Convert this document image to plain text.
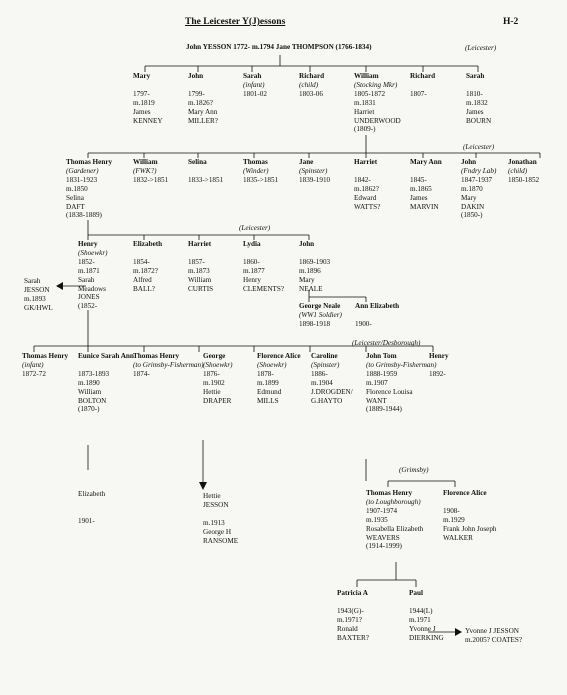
The Leicester Y(J)essons	H-2
John YESSON 1772- m.1794 Jane THOMPSON (1766-1834)	(Leicester)
(Leicester)
(Leicester)
(Leicester/Desborough)
(Grimsby)
Mary

1797-
m.1819
James
KENNEY
John

1799-
m.1826?
Mary Ann
MILLER?
Sarah
(infant)
1801-02
Richard
(child)
1803-06
William
(Stocking Mkr)
1805-1872
m.1831
Harriet
UNDERWOOD
(1809-)
Richard

1807-
Sarah

1810-
m.1832
James
BOURN
Thomas Henry
(Gardener)
1831-1923
m.1850
Selina
DAFT
(1838-1889)
William
(FWK?)
1832->1851
Selina

1833->1851
Thomas
(Winder)
1835->1851
Jane
(Spinster)
1839-1910
Harriet

1842-
m.1862?
Edward
WATTS?
Mary Ann

1845-
m.1865
James
MARVIN
John
(Fndry Lab)
1847-1937
m.1870
Mary
DAKIN
(1850-)
Jonathan
(child)
1850-1852
Henry
(Shoewkr)
1852-
m.1871
Sarah
Meadows
JONES
(1852-
Elizabeth

1854-
m.1872?
Alfred
BALL?
Harriet

1857-
m.1873
William
CURTIS
Lydia

1860-
m.1877
Henry
CLEMENTS?
John

1869-1903
m.1896
Mary
NEALE
Sarah
JESSON
m.1893
GK/HWL	George Neale
(WW1 Soldier)
1898-1918
Ann Elizabeth

1900-
Thomas Henry
(infant)
1872-72
Eunice Sarah Ann

1873-1893
m.1890
William
BOLTON
(1870-)
Thomas Henry
(to Grimsby-Fisherman)
1874-
George
(Shoewkr)
1876-
m.1902
Hettie
DRAPER
Florence Alice
(Shoewkr)
1878-
m.1899
Edmund
MILLS
Caroline
(Spinster)
1886-
m.1904
J.DROGDEN/
G.HAYTO
John Tom
(to Grimsby-Fisherman)
1888-1959
m.1907
Florence Louisa
WANT
(1889-1944)
Henry

1892-
Elizabeth

1901-
Hettie
JESSON

m.1913
George H
RANSOME
Thomas Henry
(to Loughborough)
1907-1974
m.1935
Rosabella Elizabeth
WEAVERS
(1914-1999)
Florence Alice

1908-
m.1929
Frank John Joseph
WALKER
Patricia A

1943(G)-
m.1971?
Ronald
BAXTER?
Paul

1944(L)
m.1971
Yvonne J
DIERKING
Yvonne J JESSON
m.2005? COATES?
